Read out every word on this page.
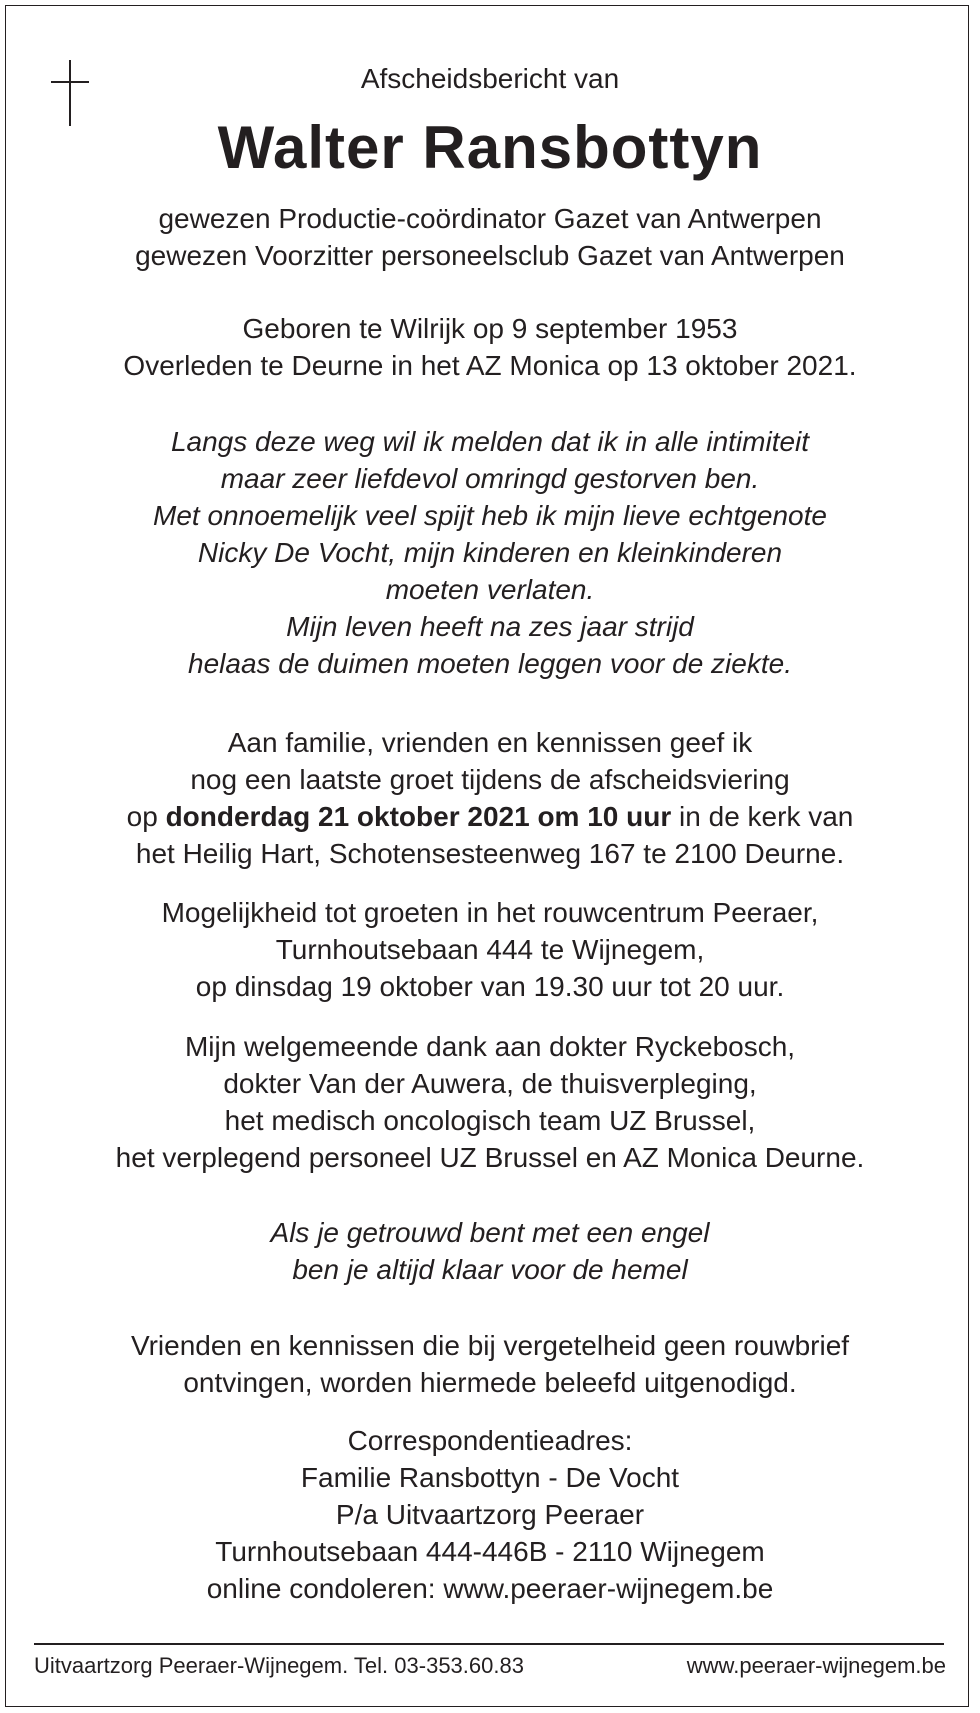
Afscheidsbericht van
Walter Ransbottyn
gewezen Productie-coördinator Gazet van Antwerpen
gewezen Voorzitter personeelsclub Gazet van Antwerpen
Geboren te Wilrijk op 9 september 1953
Overleden te Deurne in het AZ Monica op 13 oktober 2021.
Langs deze weg wil ik melden dat ik in alle intimiteit
maar zeer liefdevol omringd gestorven ben.
Met onnoemelijk veel spijt heb ik mijn lieve echtgenote
Nicky De Vocht, mijn kinderen en kleinkinderen
moeten verlaten.
Mijn leven heeft na zes jaar strijd
helaas de duimen moeten leggen voor de ziekte.
Aan familie, vrienden en kennissen geef ik
nog een laatste groet tijdens de afscheidsviering
op donderdag 21 oktober 2021 om 10 uur in de kerk van
het Heilig Hart, Schotensesteenweg 167 te 2100 Deurne.
Mogelijkheid tot groeten in het rouwcentrum Peeraer,
Turnhoutsebaan 444 te Wijnegem,
op dinsdag 19 oktober van 19.30 uur tot 20 uur.
Mijn welgemeende dank aan dokter Ryckebosch,
dokter Van der Auwera, de thuisverpleging,
het medisch oncologisch team UZ Brussel,
het verplegend personeel UZ Brussel en AZ Monica Deurne.
Als je getrouwd bent met een engel
ben je altijd klaar voor de hemel
Vrienden en kennissen die bij vergetelheid geen rouwbrief
ontvingen, worden hiermede beleefd uitgenodigd.
Correspondentieadres:
Familie Ransbottyn - De Vocht
P/a Uitvaartzorg Peeraer
Turnhoutsebaan 444-446B - 2110 Wijnegem
online condoleren: www.peeraer-wijnegem.be
Uitvaartzorg Peeraer-Wijnegem. Tel. 03-353.60.83	www.peeraer-wijnegem.be
